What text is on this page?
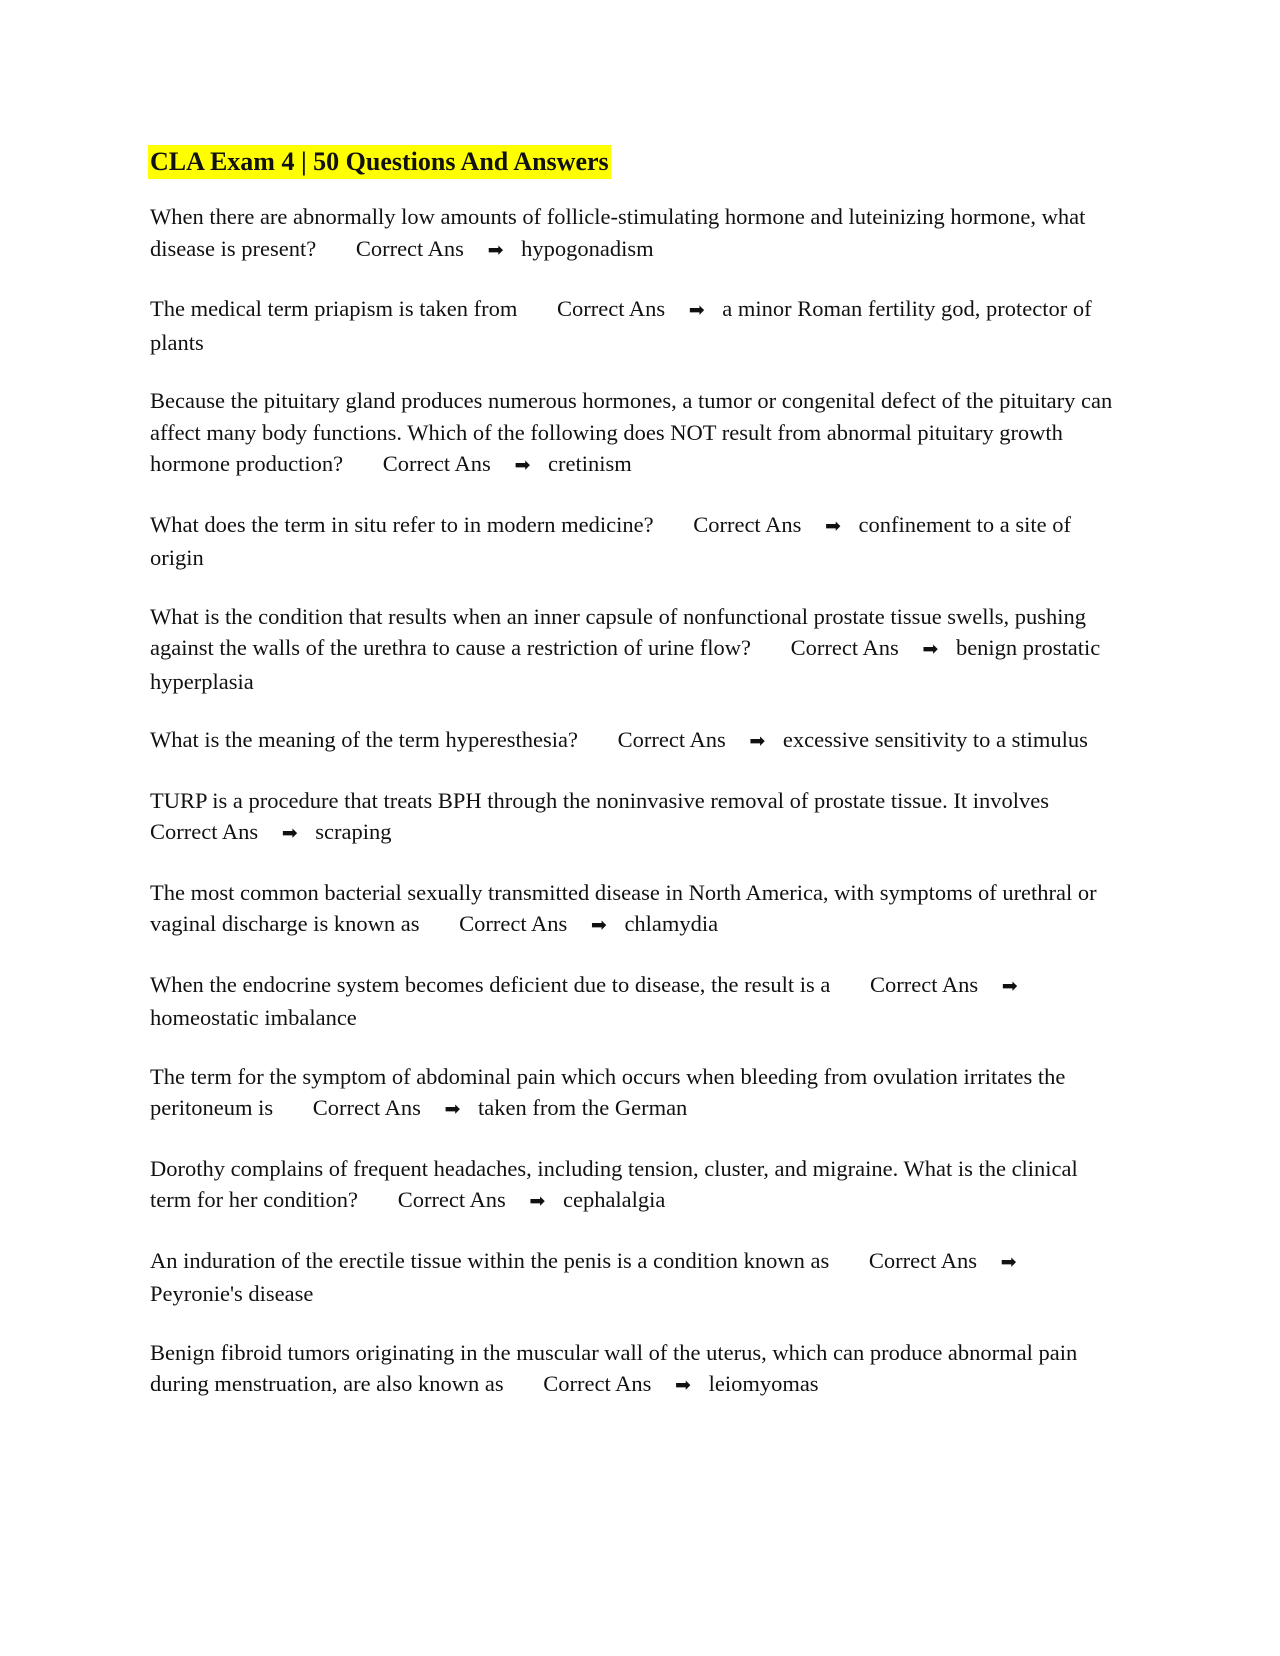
CLA Exam 4 | 50 Questions And Answers

When there are abnormally low amounts of follicle-stimulating hormone and luteinizing hormone, what disease is present? Correct Ans ➡ hypogonadism

The medical term priapism is taken from Correct Ans ➡ a minor Roman fertility god, protector of plants

Because the pituitary gland produces numerous hormones, a tumor or congenital defect of the pituitary can affect many body functions. Which of the following does NOT result from abnormal pituitary growth hormone production? Correct Ans ➡ cretinism

What does the term in situ refer to in modern medicine? Correct Ans ➡ confinement to a site of origin

What is the condition that results when an inner capsule of nonfunctional prostate tissue swells, pushing against the walls of the urethra to cause a restriction of urine flow? Correct Ans ➡ benign prostatic hyperplasia

What is the meaning of the term hyperesthesia? Correct Ans ➡ excessive sensitivity to a stimulus

TURP is a procedure that treats BPH through the noninvasive removal of prostate tissue. It involves Correct Ans ➡ scraping

The most common bacterial sexually transmitted disease in North America, with symptoms of urethral or vaginal discharge is known as Correct Ans ➡ chlamydia

When the endocrine system becomes deficient due to disease, the result is a Correct Ans ➡ homeostatic imbalance

The term for the symptom of abdominal pain which occurs when bleeding from ovulation irritates the peritoneum is Correct Ans ➡ taken from the German

Dorothy complains of frequent headaches, including tension, cluster, and migraine. What is the clinical term for her condition? Correct Ans ➡ cephalalgia

An induration of the erectile tissue within the penis is a condition known as Correct Ans ➡ Peyronie's disease

Benign fibroid tumors originating in the muscular wall of the uterus, which can produce abnormal pain during menstruation, are also known as Correct Ans ➡ leiomyomas
